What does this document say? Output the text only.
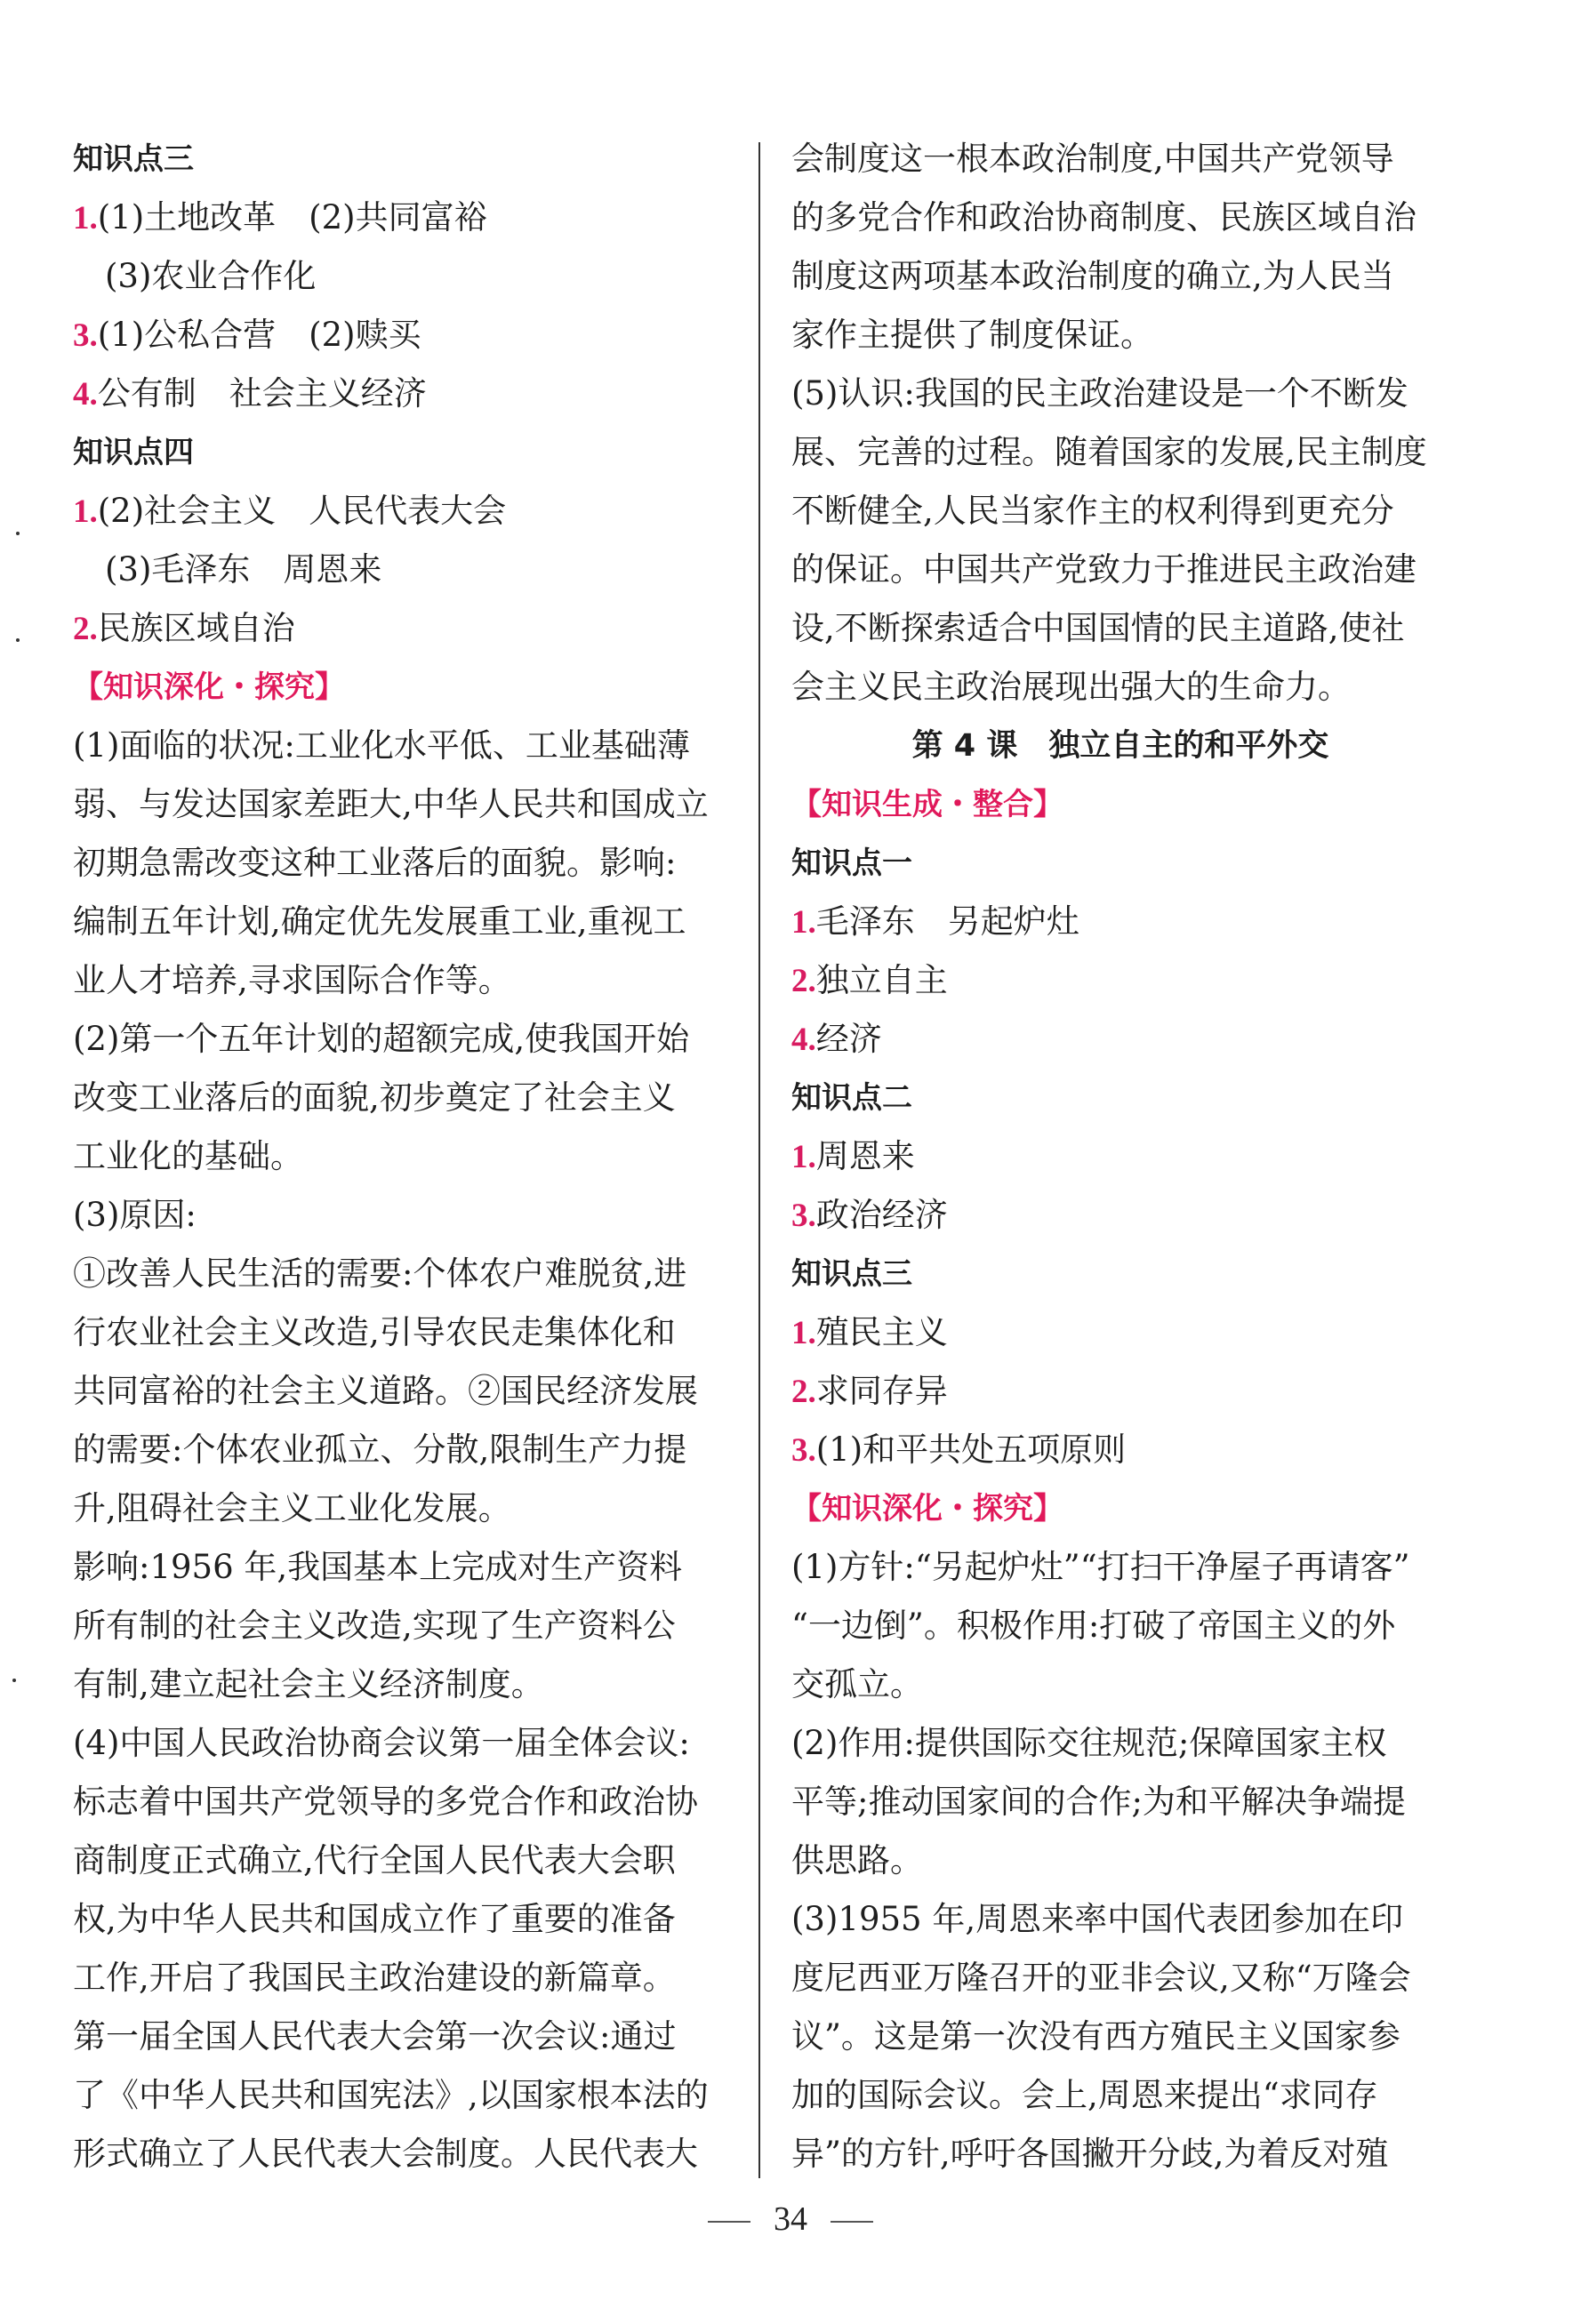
知识点三
1.(1)土地改革　(2)共同富裕
(3)农业合作化
3.(1)公私合营　(2)赎买
4.公有制　社会主义经济
知识点四
1.(2)社会主义　人民代表大会
(3)毛泽东　周恩来
2.民族区域自治
【知识深化・探究】
(1)面临的状况:工业化水平低、工业基础薄
弱、与发达国家差距大,中华人民共和国成立
初期急需改变这种工业落后的面貌。影响:
编制五年计划,确定优先发展重工业,重视工
业人才培养,寻求国际合作等。
(2)第一个五年计划的超额完成,使我国开始
改变工业落后的面貌,初步奠定了社会主义
工业化的基础。
(3)原因:
①改善人民生活的需要:个体农户难脱贫,进
行农业社会主义改造,引导农民走集体化和
共同富裕的社会主义道路。②国民经济发展
的需要:个体农业孤立、分散,限制生产力提
升,阻碍社会主义工业化发展。
影响:1956 年,我国基本上完成对生产资料
所有制的社会主义改造,实现了生产资料公
有制,建立起社会主义经济制度。
(4)中国人民政治协商会议第一届全体会议:
标志着中国共产党领导的多党合作和政治协
商制度正式确立,代行全国人民代表大会职
权,为中华人民共和国成立作了重要的准备
工作,开启了我国民主政治建设的新篇章。
第一届全国人民代表大会第一次会议:通过
了《中华人民共和国宪法》,以国家根本法的
形式确立了人民代表大会制度。人民代表大
会制度这一根本政治制度,中国共产党领导
的多党合作和政治协商制度、民族区域自治
制度这两项基本政治制度的确立,为人民当
家作主提供了制度保证。
(5)认识:我国的民主政治建设是一个不断发
展、完善的过程。随着国家的发展,民主制度
不断健全,人民当家作主的权利得到更充分
的保证。中国共产党致力于推进民主政治建
设,不断探索适合中国国情的民主道路,使社
会主义民主政治展现出强大的生命力。
第 4 课　独立自主的和平外交
【知识生成・整合】
知识点一
1.毛泽东　另起炉灶
2.独立自主
4.经济
知识点二
1.周恩来
3.政治经济
知识点三
1.殖民主义
2.求同存异
3.(1)和平共处五项原则
【知识深化・探究】
(1)方针:“另起炉灶”“打扫干净屋子再请客”
“一边倒”。积极作用:打破了帝国主义的外
交孤立。
(2)作用:提供国际交往规范;保障国家主权
平等;推动国家间的合作;为和平解决争端提
供思路。
(3)1955 年,周恩来率中国代表团参加在印
度尼西亚万隆召开的亚非会议,又称“万隆会
议”。这是第一次没有西方殖民主义国家参
加的国际会议。会上,周恩来提出“求同存
异”的方针,呼吁各国撇开分歧,为着反对殖
34
